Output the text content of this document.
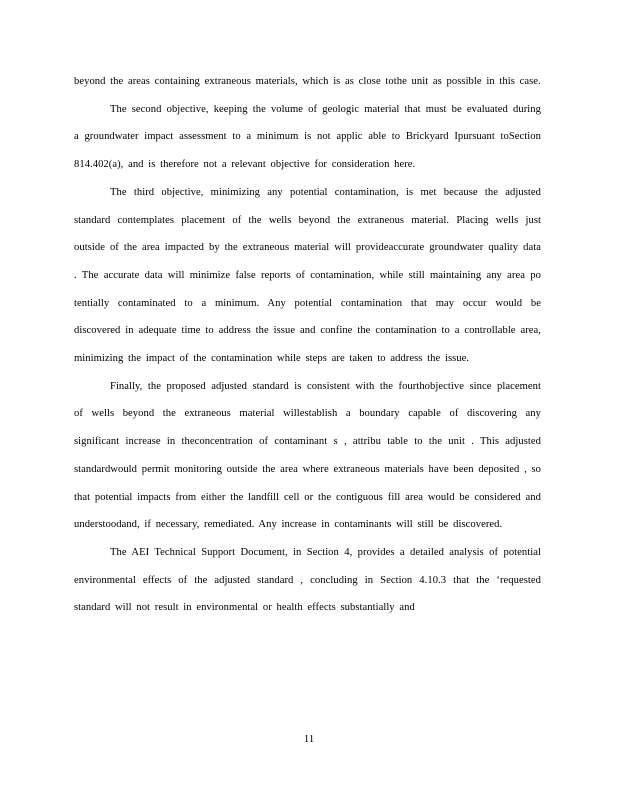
beyond the areas containing extraneous materials, which is as close tothe unit as possible in this case.

The second objective, keeping the volume of geologic material that must be evaluated during a groundwater impact assessment to a minimum is not applic able to Brickyard Ipursuant toSection 814.402(a), and is therefore not a relevant objective for consideration here.

The third objective, minimizing any potential contamination, is met because the adjusted standard contemplates placement of the wells beyond the extraneous material. Placing wells just outside of the area impacted by the extraneous material will provideaccurate groundwater quality data . The accurate data will minimize false reports of contamination, while still maintaining any area po tentially contaminated to a minimum. Any potential contamination that may occur would be discovered in adequate time to address the issue and confine the contamination to a controllable area, minimizing the impact of the contamination while steps are taken to address the issue.

Finally, the proposed adjusted standard is consistent with the fourthobjective since placement of wells beyond the extraneous material willestablish a boundary capable of discovering any significant increase in theconcentration of contaminant s , attribu table to the unit . This adjusted standardwould permit monitoring outside the area where extraneous materials have been deposited , so that potential impacts from either the landfill cell or the contiguous fill area would be considered and understoodand, if necessary, remediated. Any increase in contaminants will still be discovered.

The AEI Technical Support Document, in Section 4, provides a detailed analysis of potential environmental effects of the adjusted standard , concluding in Section 4.10.3 that the ‘requested standard will not result in environmental or health effects substantially and

11
